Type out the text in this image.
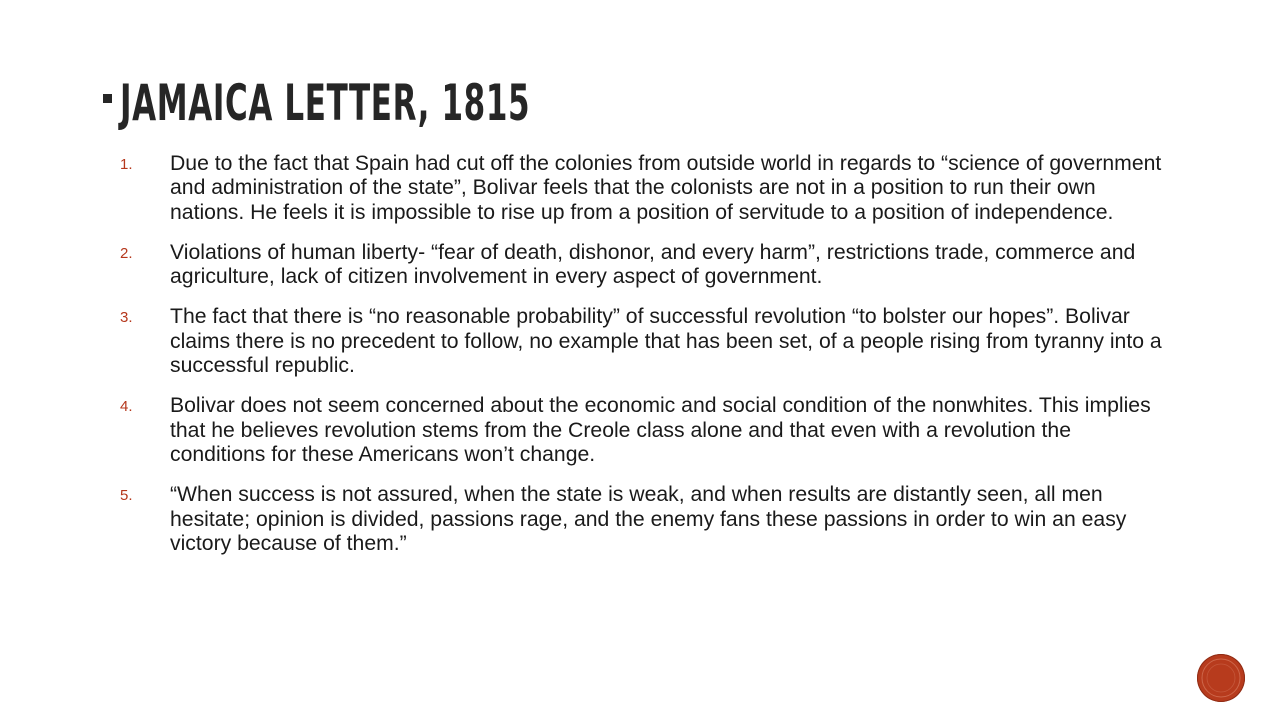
JAMAICA LETTER, 1815
1. Due to the fact that Spain had cut off the colonies from outside world in regards to “science of government and administration of the state”, Bolivar feels that the colonists are not in a position to run their own nations. He feels it is impossible to rise up from a position of servitude to a position of independence.
2. Violations of human liberty- “fear of death, dishonor, and every harm”, restrictions trade, commerce and agriculture, lack of citizen involvement in every aspect of government.
3. The fact that there is “no reasonable probability” of successful revolution “to bolster our hopes”. Bolivar claims there is no precedent to follow, no example that has been set, of a people rising from tyranny into a successful republic.
4. Bolivar does not seem concerned about the economic and social condition of the nonwhites. This implies that he believes revolution stems from the Creole class alone and that even with a revolution the conditions for these Americans won’t change.
5. “When success is not assured, when the state is weak, and when results are distantly seen, all men hesitate; opinion is divided, passions rage, and the enemy fans these passions in order to win an easy victory because of them.”
